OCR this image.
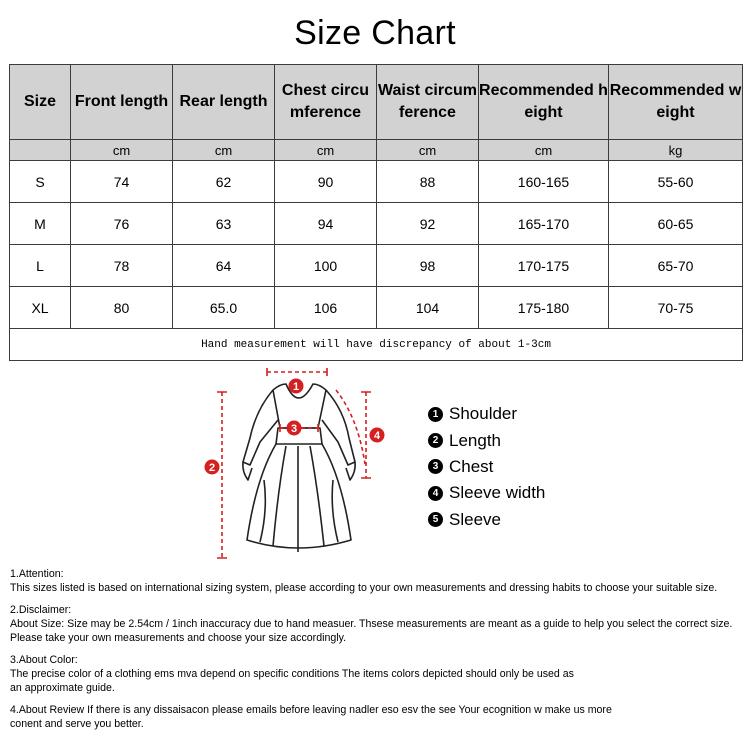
Size Chart
Size	Front length	Rear length	Chest circumference	Waist circumference	Recommended height	Recommended weight
	cm	cm	cm	cm	cm	kg
S	74	62	90	88	160-165	55-60
M	76	63	94	92	165-170	60-65
L	78	64	100	98	170-175	65-70
XL	80	65.0	106	104	175-180	70-75
Hand measurement will have discrepancy of about 1-3cm						
1
2
3
4
1 Shoulder
2 Length
3 Chest
4 Sleeve width
5 Sleeve

1.Attention:

This sizes listed is based on international sizing system, please according to your own measurements and dressing habits to choose your suitable size.

2.Disclaimer:

About Size: Size may be 2.54cm / 1inch inaccuracy due to hand measuer. Thsese measurements are meant as a guide to help you select the correct size.

Please take your own measurements and choose your size accordingly.

3.About Color:

The precise color of a clothing ems mva depend on specific conditions The items colors depicted should only be used as

an approximate guide.

4.About Review If there is any dissaisacon please emails before leaving nadler eso esv the see Your ecognition w make us more

conent and serve you better.
